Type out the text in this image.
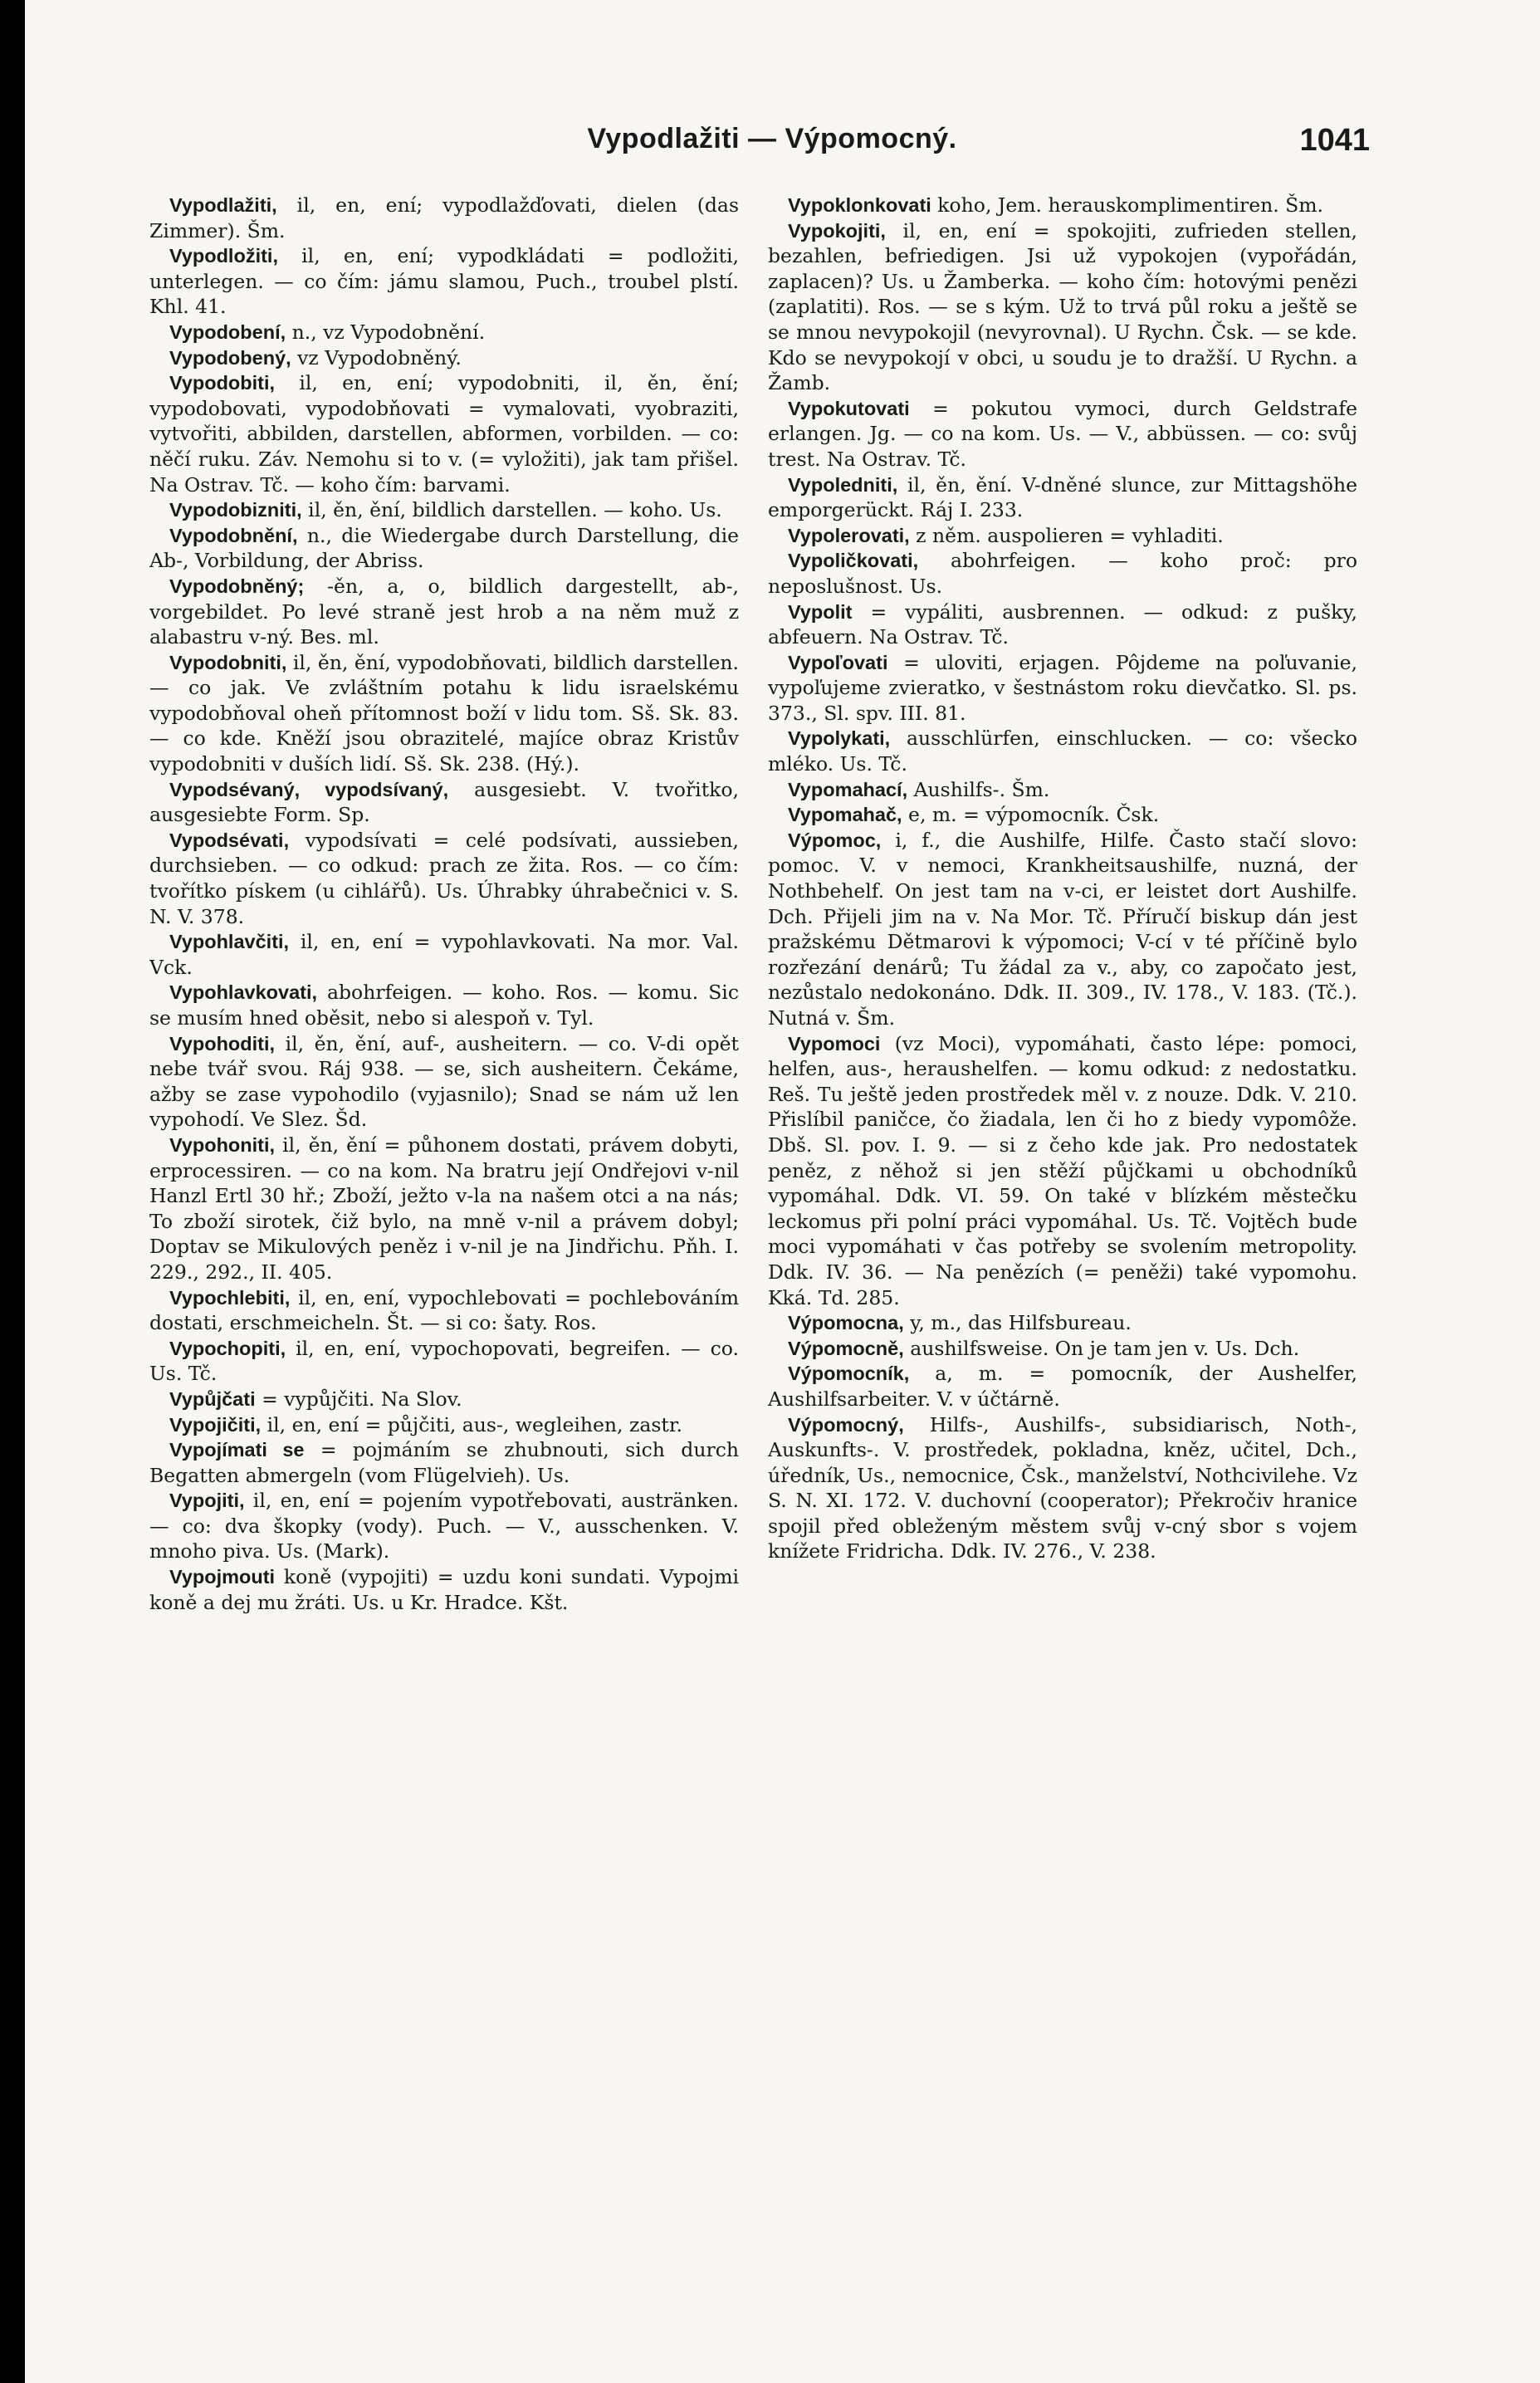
Vypodlažiti — Výpomocný.	1041

Vypodlažiti, il, en, ení; vypodlažďovati, dielen (das Zimmer). Šm.

Vypodložiti, il, en, ení; vypodkládati = podložiti, unterlegen. — co čím: jámu slamou, Puch., troubel plstí. Khl. 41.

Vypodobení, n., vz Vypodobnění.

Vypodobený, vz Vypodobněný.

Vypodobiti, il, en, ení; vypodobniti, il, ěn, ění; vypodobovati, vypodobňovati = vymalovati, vyobraziti, vytvořiti, abbilden, darstellen, abformen, vorbilden. — co: něčí ruku. Záv. Nemohu si to v. (= vyložiti), jak tam přišel. Na Ostrav. Tč. — koho čím: barvami.

Vypodobizniti, il, ěn, ění, bildlich darstellen. — koho. Us.

Vypodobnění, n., die Wiedergabe durch Darstellung, die Ab-, Vorbildung, der Abriss.

Vypodobněný; -ěn, a, o, bildlich dargestellt, ab-, vorgebildet. Po levé straně jest hrob a na něm muž z alabastru v-ný. Bes. ml.

Vypodobniti, il, ěn, ění, vypodobňovati, bildlich darstellen. — co jak. Ve zvláštním potahu k lidu israelskému vypodobňoval oheň přítomnost boží v lidu tom. Sš. Sk. 83. — co kde. Kněží jsou obrazitelé, majíce obraz Kristův vypodobniti v duších lidí. Sš. Sk. 238. (Hý.).

Vypodsévaný, vypodsívaný, ausgesiebt. V. tvořitko, ausgesiebte Form. Sp.

Vypodsévati, vypodsívati = celé podsívati, aussieben, durchsieben. — co odkud: prach ze žita. Ros. — co čím: tvořítko pískem (u cihlářů). Us. Úhrabky úhrabečnici v. S. N. V. 378.

Vypohlavčiti, il, en, ení = vypohlavkovati. Na mor. Val. Vck.

Vypohlavkovati, abohrfeigen. — koho. Ros. — komu. Sic se musím hned oběsit, nebo si alespoň v. Tyl.

Vypohoditi, il, ěn, ění, auf-, ausheitern. — co. V-di opět nebe tvář svou. Ráj 938. — se, sich ausheitern. Čekáme, ažby se zase vypohodilo (vyjasnilo); Snad se nám už len vypohodí. Ve Slez. Šd.

Vypohoniti, il, ěn, ění = půhonem dostati, právem dobyti, erprocessiren. — co na kom. Na bratru její Ondřejovi v-nil Hanzl Ertl 30 hř.; Zboží, ježto v-la na našem otci a na nás; To zboží sirotek, čiž bylo, na mně v-nil a právem dobyl; Doptav se Mikulových peněz i v-nil je na Jindřichu. Pňh. I. 229., 292., II. 405.

Vypochlebiti, il, en, ení, vypochlebovati = pochlebováním dostati, erschmeicheln. Št. — si co: šaty. Ros.

Vypochopiti, il, en, ení, vypochopovati, begreifen. — co. Us. Tč.

Vypůjčati = vypůjčiti. Na Slov.

Vypojičiti, il, en, ení = půjčiti, aus-, wegleihen, zastr.

Vypojímati se = pojmáním se zhubnouti, sich durch Begatten abmergeln (vom Flügelvieh). Us.

Vypojiti, il, en, ení = pojením vypotřebovati, austränken. — co: dva škopky (vody). Puch. — V., ausschenken. V. mnoho piva. Us. (Mark).

Vypojmouti koně (vypojiti) = uzdu koni sundati. Vypojmi koně a dej mu žráti. Us. u Kr. Hradce. Kšt.

Vypoklonkovati koho, Jem. herauskomplimentiren. Šm.

Vypokojiti, il, en, ení = spokojiti, zufrieden stellen, bezahlen, befriedigen. Jsi už vypokojen (vypořádán, zaplacen)? Us. u Žamberka. — koho čím: hotovými penězi (zaplatiti). Ros. — se s kým. Už to trvá půl roku a ještě se se mnou nevypokojil (nevyrovnal). U Rychn. Čsk. — se kde. Kdo se nevypokojí v obci, u soudu je to dražší. U Rychn. a Žamb.

Vypokutovati = pokutou vymoci, durch Geldstrafe erlangen. Jg. — co na kom. Us. — V., abbüssen. — co: svůj trest. Na Ostrav. Tč.

Vypoledniti, il, ěn, ění. V-dněné slunce, zur Mittagshöhe emporgerückt. Ráj I. 233.

Vypolerovati, z něm. auspolieren = vyhladiti.

Vypoličkovati, abohrfeigen. — koho proč: pro neposlušnost. Us.

Vypolit = vypáliti, ausbrennen. — odkud: z pušky, abfeuern. Na Ostrav. Tč.

Vypoľovati = uloviti, erjagen. Pôjdeme na poľuvanie, vypoľujeme zvieratko, v šestnástom roku dievčatko. Sl. ps. 373., Sl. spv. III. 81.

Vypolykati, ausschlürfen, einschlucken. — co: všecko mléko. Us. Tč.

Vypomahací, Aushilfs-. Šm.

Vypomahač, e, m. = výpomocník. Čsk.

Výpomoc, i, f., die Aushilfe, Hilfe. Často stačí slovo: pomoc. V. v nemoci, Krankheitsaushilfe, nuzná, der Nothbehelf. On jest tam na v-ci, er leistet dort Aushilfe. Dch. Přijeli jim na v. Na Mor. Tč. Příručí biskup dán jest pražskému Dětmarovi k výpomoci; V-cí v té příčině bylo rozřezání denárů; Tu žádal za v., aby, co započato jest, nezůstalo nedokonáno. Ddk. II. 309., IV. 178., V. 183. (Tč.). Nutná v. Šm.

Vypomoci (vz Moci), vypomáhati, často lépe: pomoci, helfen, aus-, heraushelfen. — komu odkud: z nedostatku. Reš. Tu ještě jeden prostředek měl v. z nouze. Ddk. V. 210. Přislíbil paničce, čo žiadala, len či ho z biedy vypomôže. Dbš. Sl. pov. I. 9. — si z čeho kde jak. Pro nedostatek peněz, z něhož si jen stěží půjčkami u obchodníků vypomáhal. Ddk. VI. 59. On také v blízkém městečku leckomus při polní práci vypomáhal. Us. Tč. Vojtěch bude moci vypomáhati v čas potřeby se svolením metropolity. Ddk. IV. 36. — Na penězích (= peněži) také vypomohu. Kká. Td. 285.

Výpomocna, y, m., das Hilfsbureau.

Výpomocně, aushilfsweise. On je tam jen v. Us. Dch.

Výpomocník, a, m. = pomocník, der Aushelfer, Aushilfsarbeiter. V. v účtárně.

Výpomocný, Hilfs-, Aushilfs-, subsidiarisch, Noth-, Auskunfts-. V. prostředek, pokladna, kněz, učitel, Dch., úředník, Us., nemocnice, Čsk., manželství, Nothcivilehe. Vz S. N. XI. 172. V. duchovní (cooperator); Překročiv hranice spojil před obleženým městem svůj v-cný sbor s vojem knížete Fridricha. Ddk. IV. 276., V. 238.
